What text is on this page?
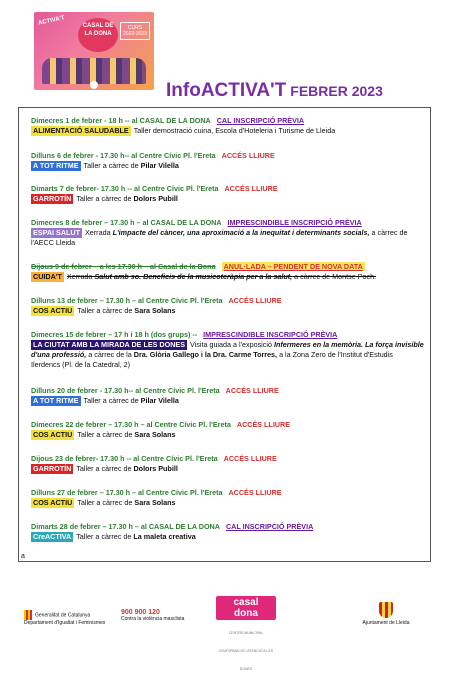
ACTIVA'T	CASAL DE LA DONA
CURS 2022-2023
InfoACTIVA'T FEBRER 2023
Dimecres 1 de febrer - 18 h -- al CASAL DE LA DONA CAL INSCRIPCIÓ PRÈVIA
ALIMENTACIÓ SALUDABLE Taller demostració cuina, Escola d'Hoteleria i Turisme de Lleida
Dilluns 6 de febrer - 17.30 h-- al Centre Cívic Pl. l'Ereta ACCÉS LLIURE
A TOT RITME Taller a càrrec de Pilar Vilella
Dimarts 7 de febrer- 17.30 h -- al Centre Cívic Pl. l'Ereta ACCÉS LLIURE
GARROTÍN Taller a càrrec de Dolors Pubill
Dimecres 8 de febrer – 17.30 h – al CASAL DE LA DONA IMPRESCINDIBLE INSCRIPCIÓ PRÈVIA
ESPAI SALUT Xerrada L'impacte del càncer, una aproximació a la inequitat i determinants socials, a càrrec de l'AECC Lleida
Dijous 9 de febrer – a les 17.30 h – al Casal de la Dona ANUL·LADA – PENDENT DE NOVA DATA
CUIDA'T Xerrada Salut amb so. Beneficis de la musicoteràpia per a la salut, a càrrec de Montse Poch.
Dilluns 13 de febrer – 17.30 h – al Centre Cívic Pl. l'Ereta ACCÉS LLIURE
COS ACTIU Taller a càrrec de Sara Solans
Dimecres 15 de febrer – 17 h i 18 h (dos grups) -- IMPRESCINDIBLE INSCRIPCIÓ PRÈVIA
LA CIUTAT AMB LA MIRADA DE LES DONES Visita guiada a l'exposició Infermeres en la memòria. La força invisible d'una professió, a càrrec de la Dra. Glòria Gallego i la Dra. Carme Torres, a la Zona Zero de l'Institut d'Estudis Ilerdencs (Pl. de la Catedral, 2)
Dilluns 20 de febrer - 17.30 h-- al Centre Cívic Pl. l'Ereta ACCÉS LLIURE
A TOT RITME Taller a càrrec de Pilar Vilella
Dimecres 22 de febrer – 17.30 h – al Centre Cívic Pl. l'Ereta ACCÉS LLIURE
COS ACTIU Taller a càrrec de Sara Solans
Dijous 23 de febrer- 17.30 h -- al Centre Cívic Pl. l'Ereta ACCÉS LLIURE
GARROTÍN Taller a càrrec de Dolors Pubill
Dilluns 27 de febrer – 17.30 h – al Centre Cívic Pl. l'Ereta ACCÉS LLIURE
COS ACTIU Taller a càrrec de Sara Solans
Dimarts 28 de febrer – 17.30 h – al CASAL DE LA DONA CAL INSCRIPCIÓ PRÈVIA
CreACTIVA Taller a càrrec de La maleta creativa
a
Generalitat de Catalunya
Departament d'Igualtat i Feminismes
900 900 120
Contra la violència masclista
casal dona
CENTRE MUNICIPAL D'INFORMACIÓ I ATENCIÓ A LES DONES
Ajuntament de Lleida
